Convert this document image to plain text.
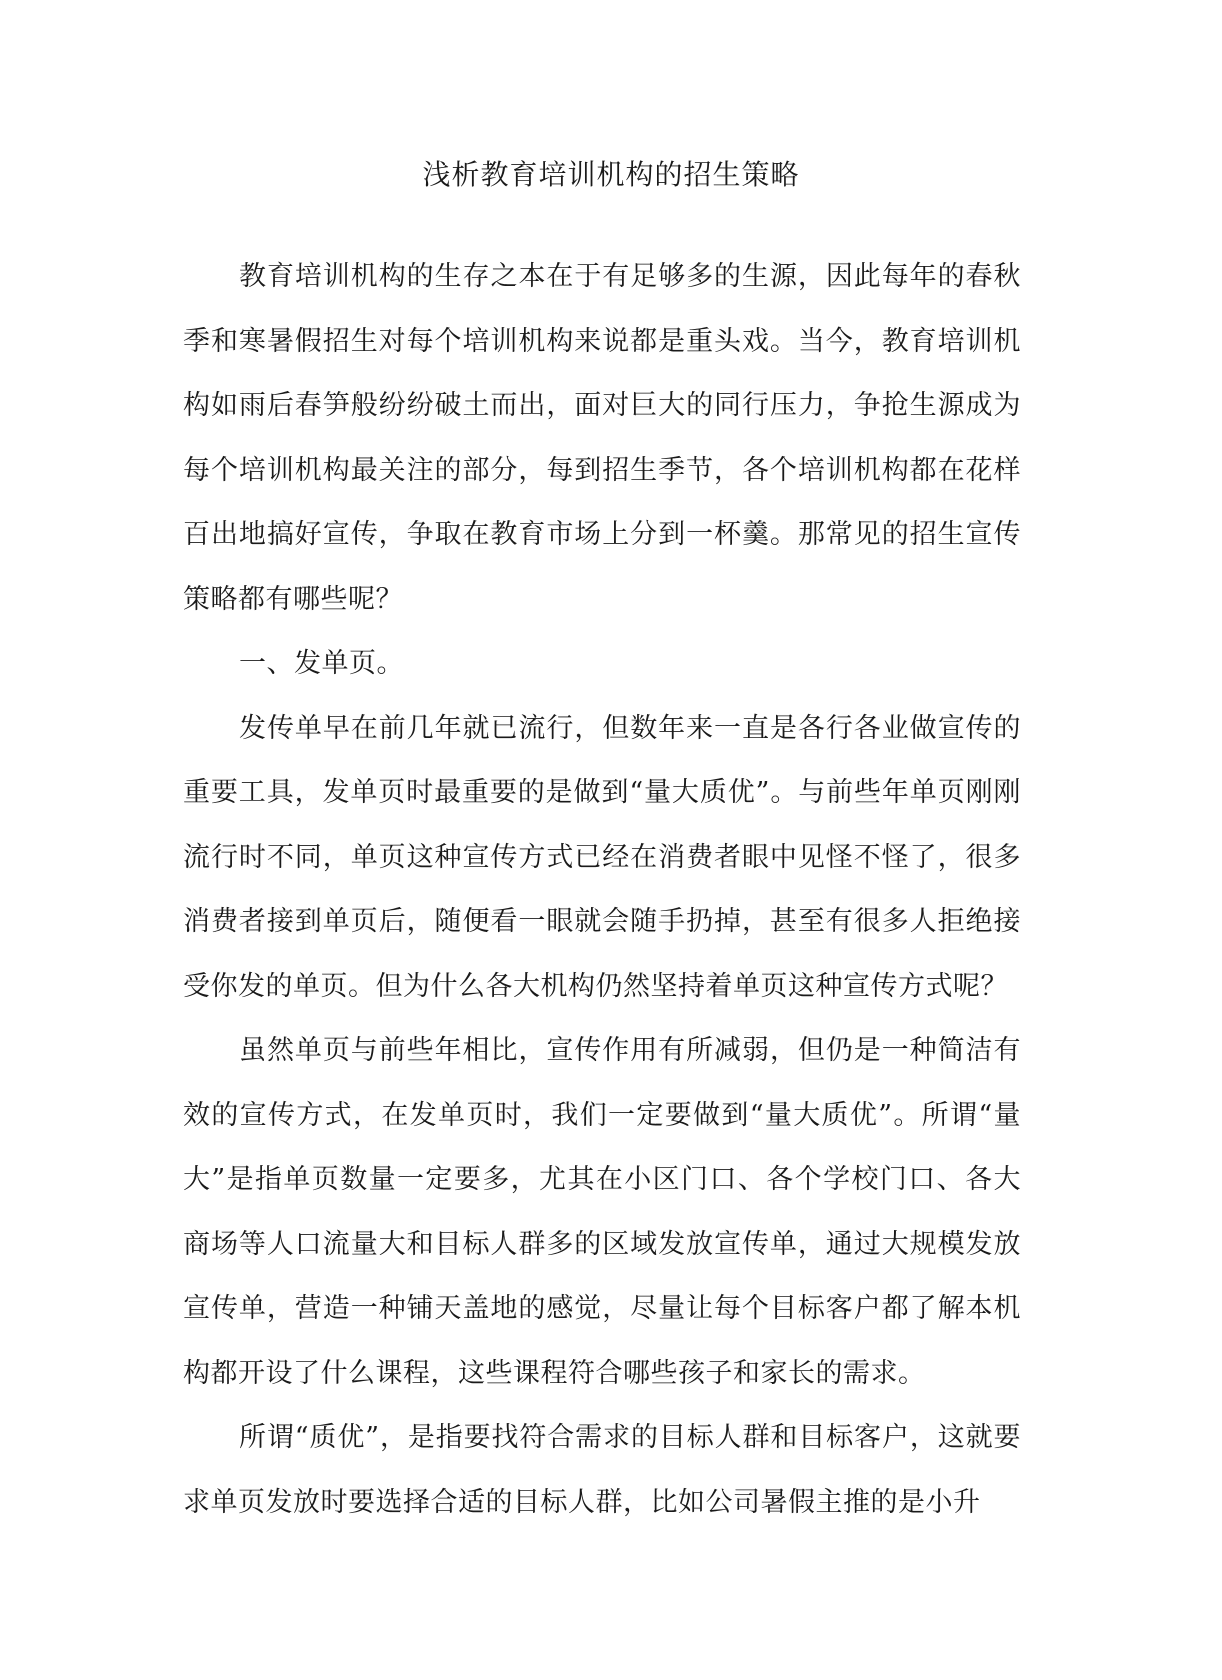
浅析教育培训机构的招生策略

教育培训机构的生存之本在于有足够多的生源，因此每年的春秋季和寒暑假招生对每个培训机构来说都是重头戏。当今，教育培训机构如雨后春笋般纷纷破土而出，面对巨大的同行压力，争抢生源成为每个培训机构最关注的部分，每到招生季节，各个培训机构都在花样百出地搞好宣传，争取在教育市场上分到一杯羹。那常见的招生宣传策略都有哪些呢？

一、发单页。

发传单早在前几年就已流行，但数年来一直是各行各业做宣传的重要工具，发单页时最重要的是做到“量大质优”。与前些年单页刚刚流行时不同，单页这种宣传方式已经在消费者眼中见怪不怪了，很多消费者接到单页后，随便看一眼就会随手扔掉，甚至有很多人拒绝接受你发的单页。但为什么各大机构仍然坚持着单页这种宣传方式呢？

虽然单页与前些年相比，宣传作用有所减弱，但仍是一种简洁有效的宣传方式，在发单页时，我们一定要做到“量大质优”。所谓“量大”是指单页数量一定要多，尤其在小区门口、各个学校门口、各大商场等人口流量大和目标人群多的区域发放宣传单，通过大规模发放宣传单，营造一种铺天盖地的感觉，尽量让每个目标客户都了解本机构都开设了什么课程，这些课程符合哪些孩子和家长的需求。

所谓“质优”，是指要找符合需求的目标人群和目标客户，这就要求单页发放时要选择合适的目标人群，比如公司暑假主推的是小升
